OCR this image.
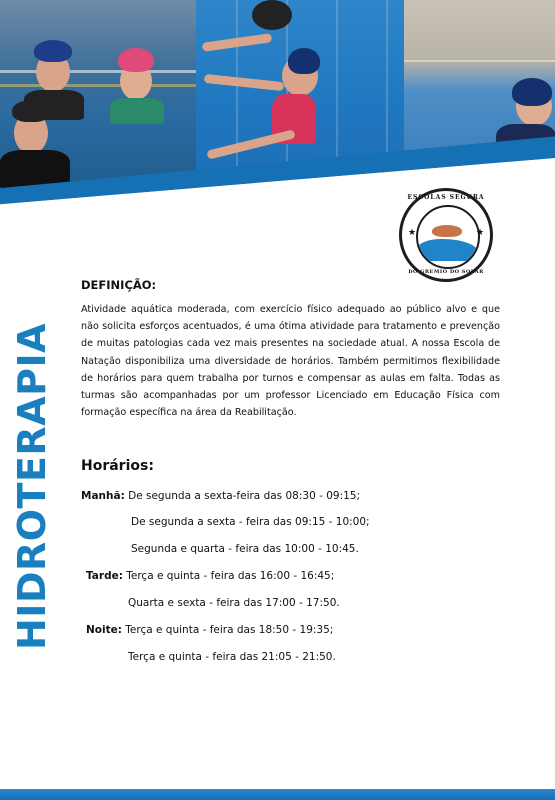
ESCOLAS SEGURA
★	★
DO GREMIO DO SOLAR
HIDROTERAPIA
DEFINIÇÃO:
Atividade aquática moderada, com exercício físico adequado ao público alvo e que não solicita esforços acentuados, é uma ótima atividade para tratamento e prevenção de muitas patologias cada vez mais presentes na sociedade atual. A nossa Escola de Natação disponibiliza uma diversidade de horários. Também permitimos flexibilidade de horários para quem trabalha por turnos e compensar as aulas em falta. Todas as turmas são acompanhadas por um professor Licenciado em Educação Física com formação específica na área da Reabilitação.
Horários:
Manhã: De segunda a sexta-feira das 08:30 - 09:15;
De segunda a sexta - feira das 09:15 - 10:00;
Segunda e quarta - feira das 10:00 - 10:45.
Tarde: Terça e quinta - feira das 16:00 - 16:45;
Quarta e sexta - feira das 17:00 - 17:50.
Noite: Terça e quinta - feira das 18:50 - 19:35;
Terça e quinta - feira das 21:05 - 21:50.
